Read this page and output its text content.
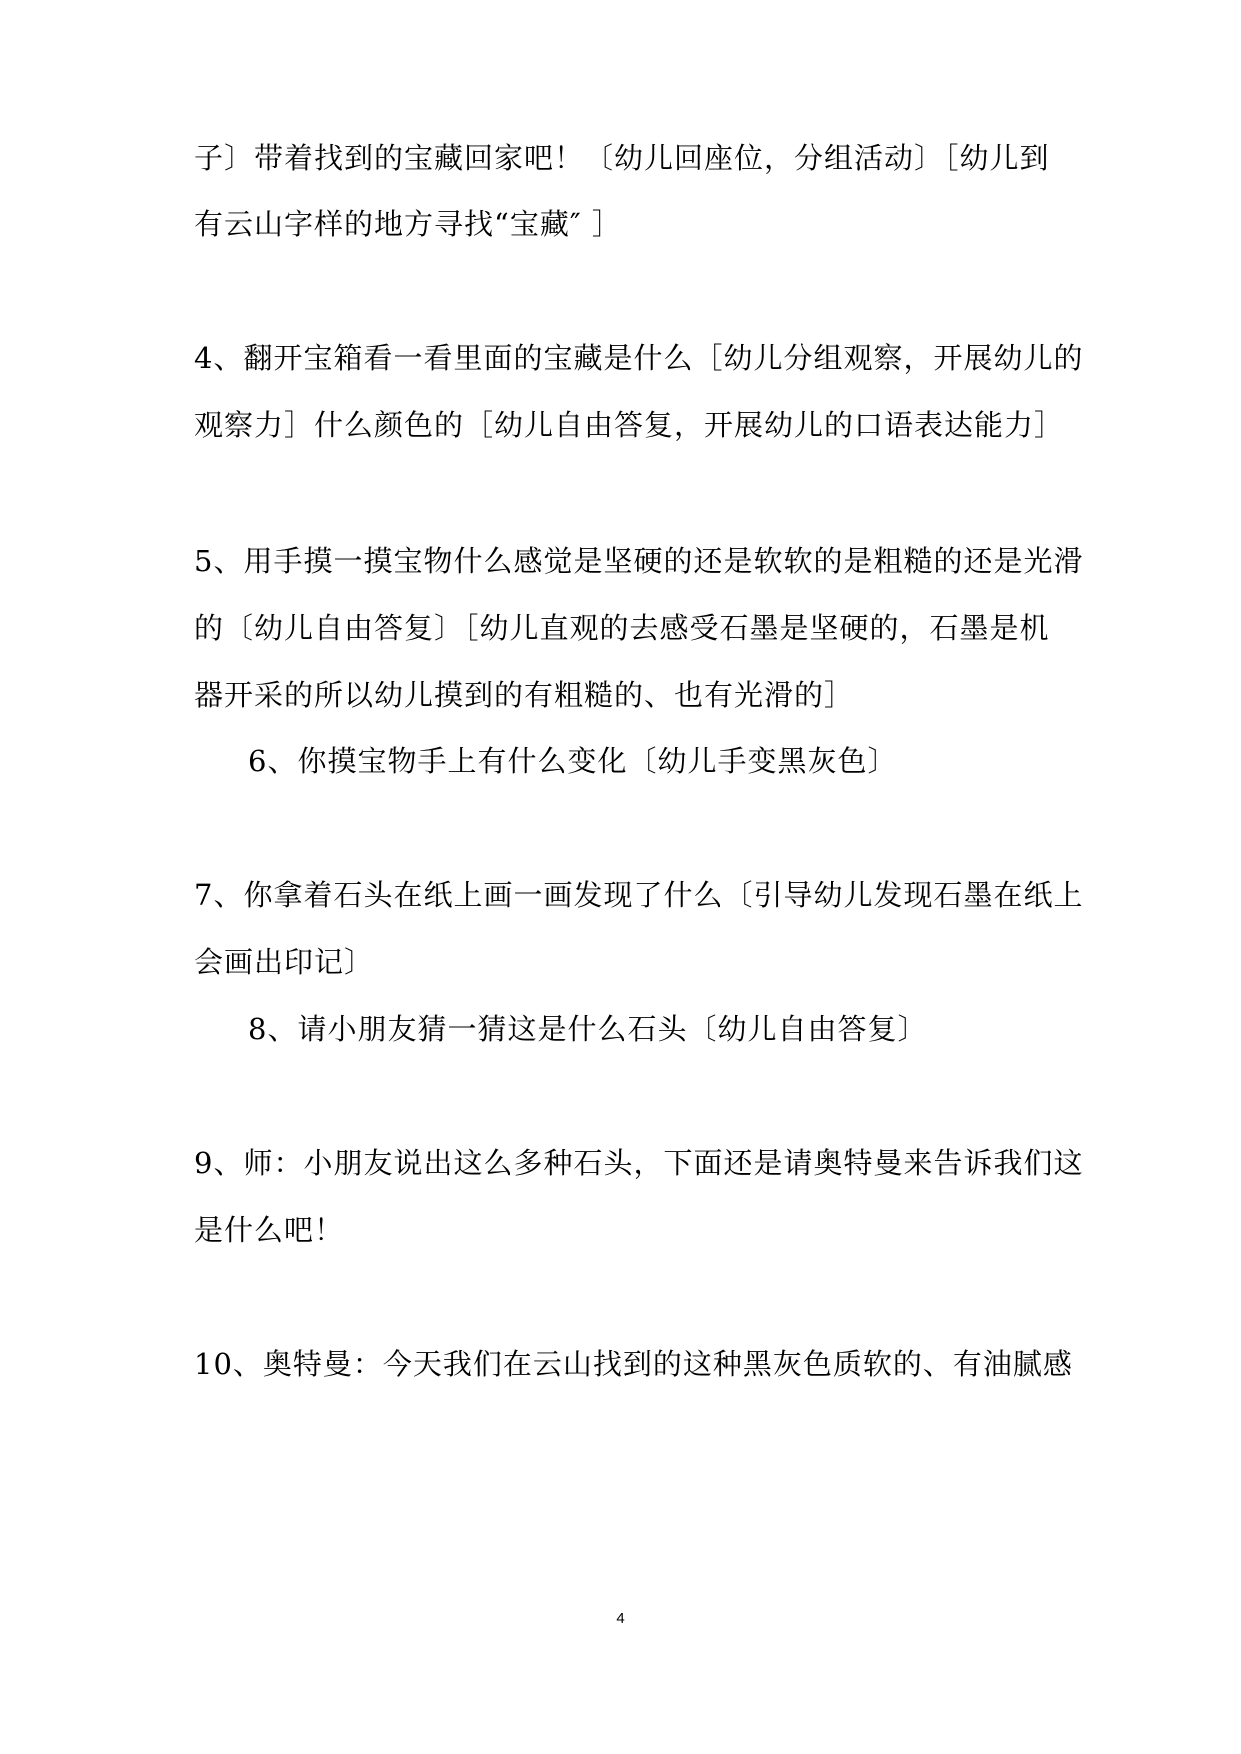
子〕带着找到的宝藏回家吧！〔幼儿回座位，分组活动〕［幼儿到
有云山字样的地方寻找“宝藏″ ］
4、翻开宝箱看一看里面的宝藏是什么［幼儿分组观察，开展幼儿的
观察力］什么颜色的［幼儿自由答复，开展幼儿的口语表达能力］
5、用手摸一摸宝物什么感觉是坚硬的还是软软的是粗糙的还是光滑
的〔幼儿自由答复〕［幼儿直观的去感受石墨是坚硬的，石墨是机
器开采的所以幼儿摸到的有粗糙的、也有光滑的］
6、你摸宝物手上有什么变化〔幼儿手变黑灰色〕
7、你拿着石头在纸上画一画发现了什么〔引导幼儿发现石墨在纸上
会画出印记〕
8、请小朋友猜一猜这是什么石头〔幼儿自由答复〕
9、师：小朋友说出这么多种石头，下面还是请奥特曼来告诉我们这
是什么吧！
10、奥特曼：今天我们在云山找到的这种黑灰色质软的、有油腻感
4
